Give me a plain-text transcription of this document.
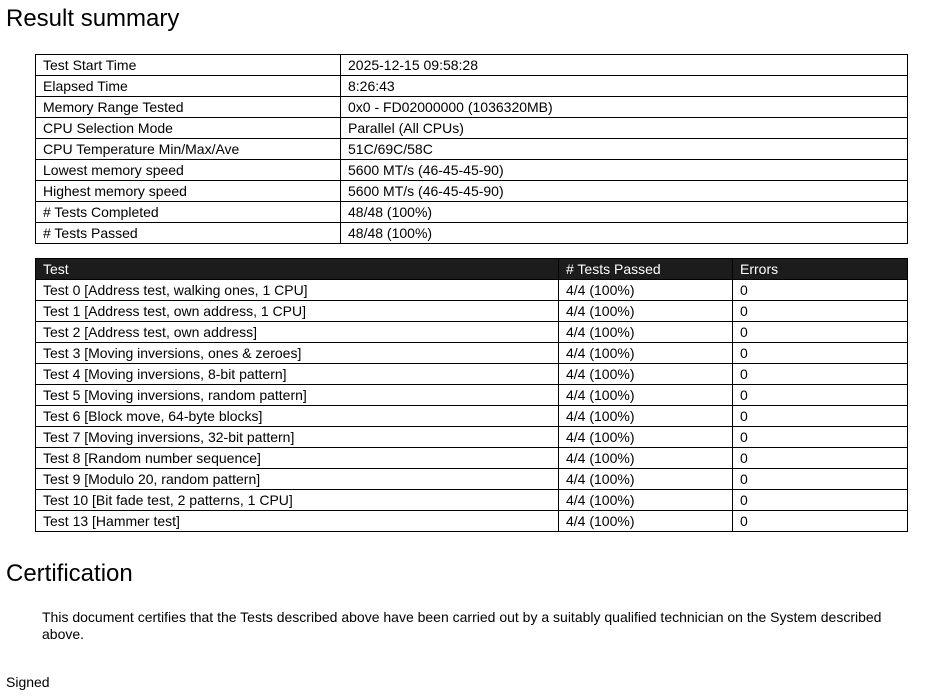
Result summary
Test Start Time	2025-12-15 09:58:28
Elapsed Time	8:26:43
Memory Range Tested	0x0 - FD02000000 (1036320MB)
CPU Selection Mode	Parallel (All CPUs)
CPU Temperature Min/Max/Ave	51C/69C/58C
Lowest memory speed	5600 MT/s (46-45-45-90)
Highest memory speed	5600 MT/s (46-45-45-90)
# Tests Completed	48/48 (100%)
# Tests Passed	48/48 (100%)
Test	# Tests Passed	Errors
Test 0 [Address test, walking ones, 1 CPU]	4/4 (100%)	0
Test 1 [Address test, own address, 1 CPU]	4/4 (100%)	0
Test 2 [Address test, own address]	4/4 (100%)	0
Test 3 [Moving inversions, ones & zeroes]	4/4 (100%)	0
Test 4 [Moving inversions, 8-bit pattern]	4/4 (100%)	0
Test 5 [Moving inversions, random pattern]	4/4 (100%)	0
Test 6 [Block move, 64-byte blocks]	4/4 (100%)	0
Test 7 [Moving inversions, 32-bit pattern]	4/4 (100%)	0
Test 8 [Random number sequence]	4/4 (100%)	0
Test 9 [Modulo 20, random pattern]	4/4 (100%)	0
Test 10 [Bit fade test, 2 patterns, 1 CPU]	4/4 (100%)	0
Test 13 [Hammer test]	4/4 (100%)	0
Certification

This document certifies that the Tests described above have been carried out by a suitably qualified technician on the System described above.

Signed
